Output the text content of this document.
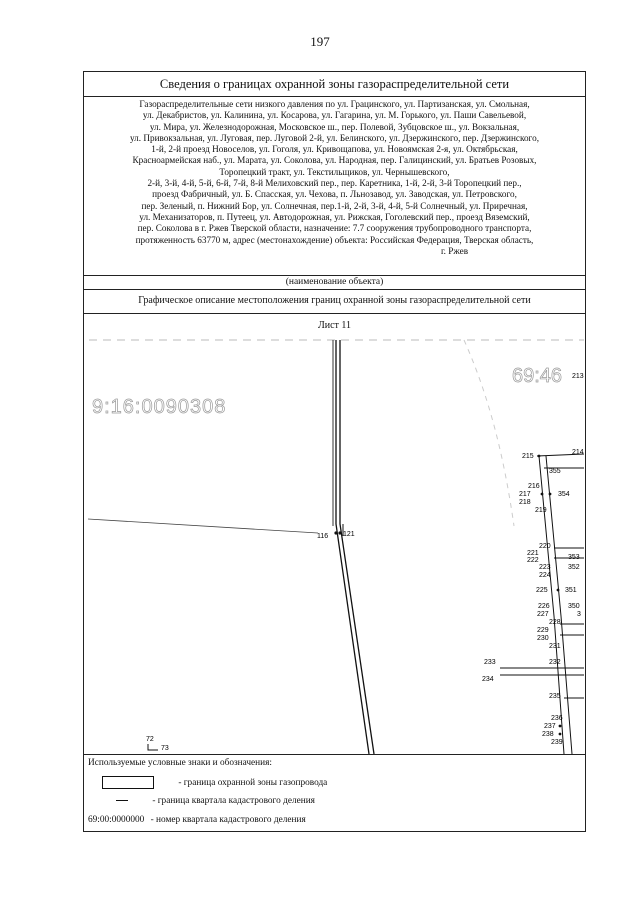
197
Сведения о границах охранной зоны газораспределительной сети
Газораспределительные сети низкого давления по ул. Грацинского, ул. Партизанская, ул. Смольная,
ул. Декабристов, ул. Калинина, ул. Косарова, ул. Гагарина, ул. М. Горького, ул. Паши Савельевой,
ул. Мира, ул. Железнодорожная, Московское ш., пер. Полевой, Зубцовское ш., ул. Вокзальная,
ул. Привокзальная, ул. Луговая, пер. Луговой 2-й, ул. Белинского, ул. Дзержинского, пер. Дзержинского,
1-й, 2-й проезд Новоселов, ул. Гоголя, ул. Кривощапова, ул. Новоямская 2-я, ул. Октябрьская,
Красноармейская наб., ул. Марата, ул. Соколова, ул. Народная, пер. Галицинский, ул. Братьев Розовых,
Торопецкий тракт, ул. Текстильщиков, ул. Чернышевского,
2-й, 3-й, 4-й, 5-й, 6-й, 7-й, 8-й Мелиховский пер., пер. Каретника, 1-й, 2-й, 3-й Торопецкий пер.,
проезд Фабричный, ул. Б. Спасская, ул. Чехова, п. Льнозавод, ул. Заводская, ул. Петровского,
пер. Зеленый, п. Нижний Бор, ул. Солнечная, пер.1-й, 2-й, 3-й, 4-й, 5-й Солнечный, ул. Приречная,
ул. Механизаторов, п. Путеец, ул. Автодорожная, ул. Рижская, Гоголевский пер., проезд Вяземский,
пер. Соколова в г. Ржев Тверской области, назначение: 7.7 сооружения трубопроводного транспорта,
протяженность 63770 м, адрес (местонахождение) объекта: Российская Федерация, Тверская область,
г. Ржев
(наименование объекта)
Графическое описание местоположения границ охранной зоны газораспределительной сети
Лист 11
9:16:0090308
69:46
116 121
72
73
213
214
215
355
216
217	354
218
219
220
221
222	353
223 352
224
225 351
226	350
227	3
228
229
230
231
233	232
234
235
236
237
238
239
Используемые условные знаки и обозначения:
- граница охранной зоны газопровода
- граница квартала кадастрового деления
69:00:0000000 - номер квартала кадастрового деления
